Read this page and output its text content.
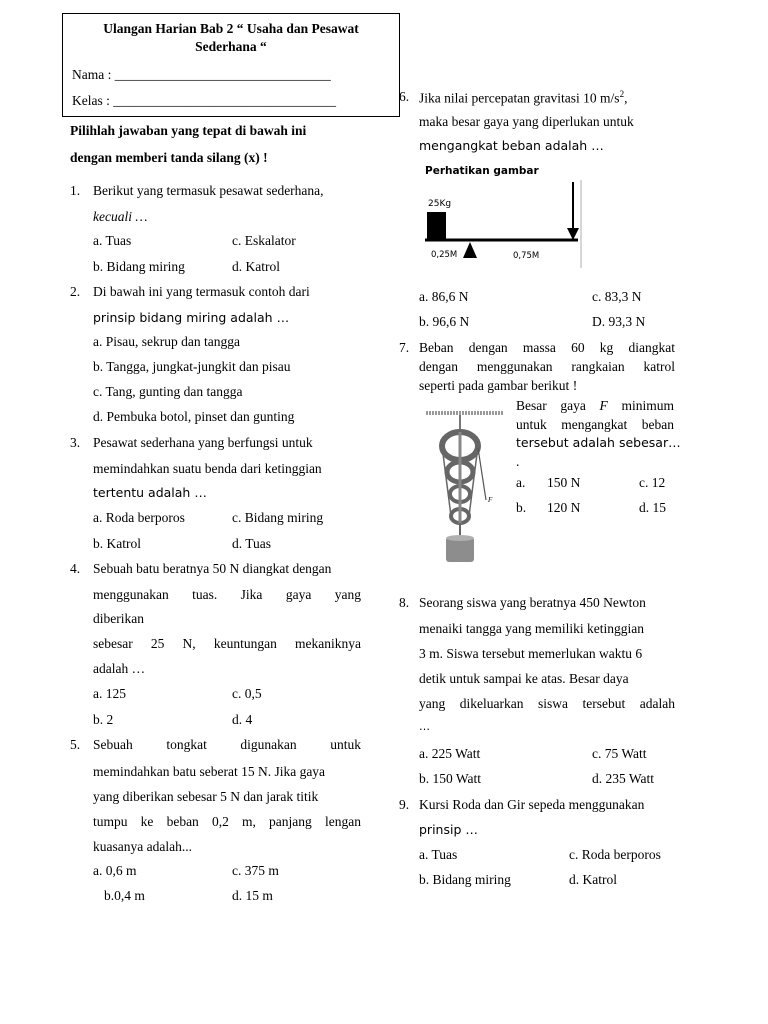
Ulangan Harian Bab 2 “ Usaha dan Pesawat
Sederhana “
Nama : ________________________________
Kelas : _________________________________
Pilihlah jawaban yang tepat di bawah ini
dengan memberi tanda silang (x) !
1. Berikut yang termasuk pesawat sederhana,
kecuali …
a. Tuas	c. Eskalator
b. Bidang miring	d. Katrol
2. Di bawah ini yang termasuk contoh dari
prinsip bidang miring adalah …
a. Pisau, sekrup dan tangga
b. Tangga, jungkat-jungkit dan pisau
c. Tang, gunting dan tangga
d. Pembuka botol, pinset dan gunting
3. Pesawat sederhana yang berfungsi untuk
memindahkan suatu benda dari ketinggian
tertentu adalah …
a. Roda berporos	c. Bidang miring
b. Katrol	d. Tuas
4. Sebuah batu beratnya 50 N diangkat dengan
menggunakan tuas. Jika gaya yang
diberikan
sebesar 25 N, keuntungan mekaniknya
adalah …
a. 125	c. 0,5
b. 2	d. 4
5. Sebuah tongkat digunakan untuk
memindahkan batu seberat 15 N. Jika gaya
yang diberikan sebesar 5 N dan jarak titik
tumpu ke beban 0,2 m, panjang lengan
kuasanya adalah...
a. 0,6 m	c. 375 m
b.0,4 m	d. 15 m
6. Jika nilai percepatan gravitasi 10 $m/s^2$,
maka besar gaya yang diperlukan untuk
mengangkat beban adalah …
Perhatikan gambar
25Kg
0,25M	0,75M
a. 86,6 N	c. 83,3 N
b. 96,6 N	D. 93,3 N
7. Beban dengan massa 60 kg diangkat
dengan menggunakan rangkaian katrol
seperti pada gambar berikut !
F
Besar gaya F minimum
untuk mengangkat beban
tersebut adalah sebesar…
.
a. 150 N	c. 12
b. 120 N	d. 15
8. Seorang siswa yang beratnya 450 Newton
menaiki tangga yang memiliki ketinggian
3 m. Siswa tersebut memerlukan waktu 6
detik untuk sampai ke atas. Besar daya
yang dikeluarkan siswa tersebut adalah
…
a. 225 Watt	c. 75 Watt
b. 150 Watt	d. 235 Watt
9. Kursi Roda dan Gir sepeda menggunakan
prinsip …
a. Tuas	c. Roda berporos
b. Bidang miring	d. Katrol
